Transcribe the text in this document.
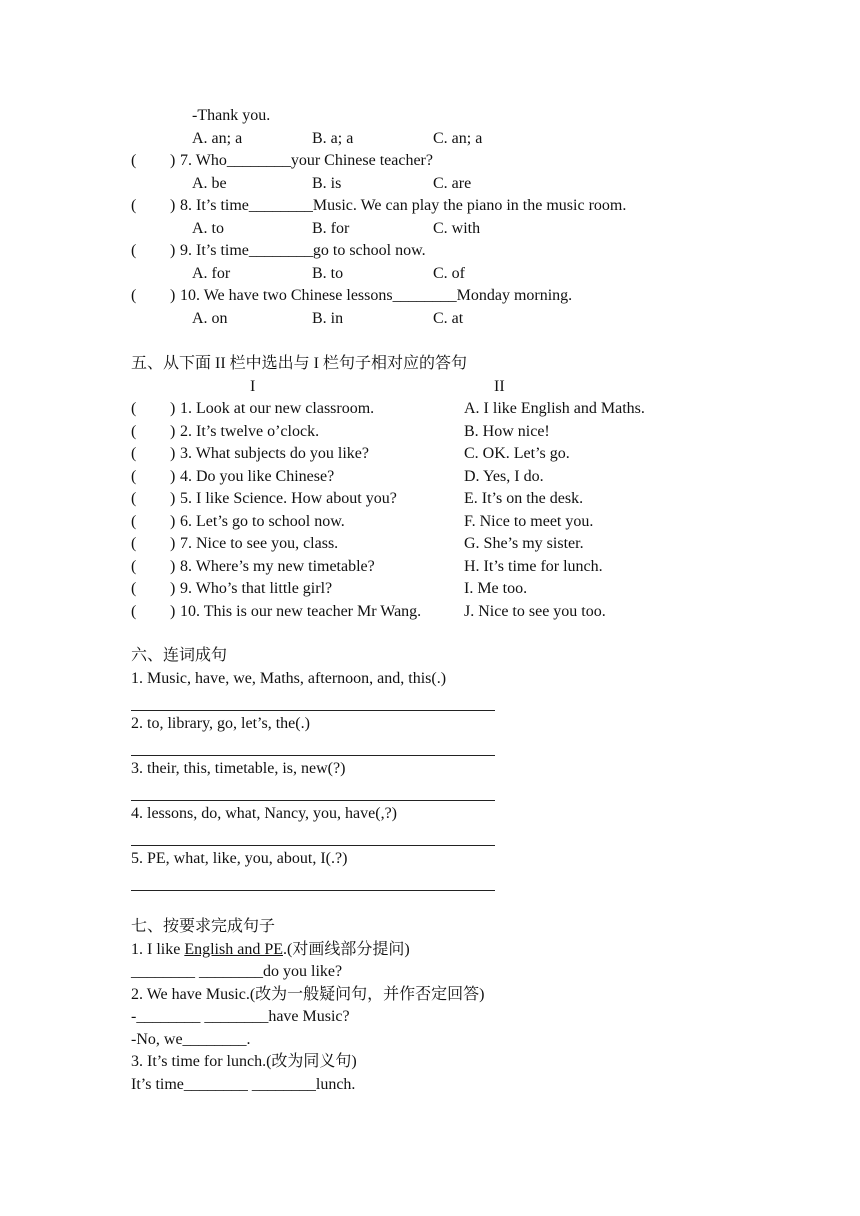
-Thank you.
A. an; a	B. a; a	C. an; a
( ) 7. Who________your Chinese teacher?
A. be	B. is	C. are
( ) 8. It’s time________Music. We can play the piano in the music room.
A. to	B. for	C. with
( ) 9. It’s time________go to school now.
A. for	B. to	C. of
( ) 10. We have two Chinese lessons________Monday morning.
A. on	B. in	C. at
五、从下面 II 栏中选出与 I 栏句子相对应的答句
I	II
( ) 1. Look at our new classroom.	A. I like English and Maths.
( ) 2. It’s twelve o’clock.	B. How nice!
( ) 3. What subjects do you like?	C. OK. Let’s go.
( ) 4. Do you like Chinese?	D. Yes, I do.
( ) 5. I like Science. How about you?	E. It’s on the desk.
( ) 6. Let’s go to school now.	F. Nice to meet you.
( ) 7. Nice to see you, class.	G. She’s my sister.
( ) 8. Where’s my new timetable?	H. It’s time for lunch.
( ) 9. Who’s that little girl?	I. Me too.
( ) 10. This is our new teacher Mr Wang.	J. Nice to see you too.
六、连词成句
1. Music, have, we, Maths, afternoon, and, this(.)
2. to, library, go, let’s, the(.)
3. their, this, timetable, is, new(?)
4. lessons, do, what, Nancy, you, have(,?)
5. PE, what, like, you, about, I(.?)
七、按要求完成句子
1. I like English and PE.(对画线部分提问)
________ ________do you like?
2. We have Music.(改为一般疑问句，并作否定回答)
-________ ________have Music?
-No, we________.
3. It’s time for lunch.(改为同义句)
It’s time________ ________lunch.
